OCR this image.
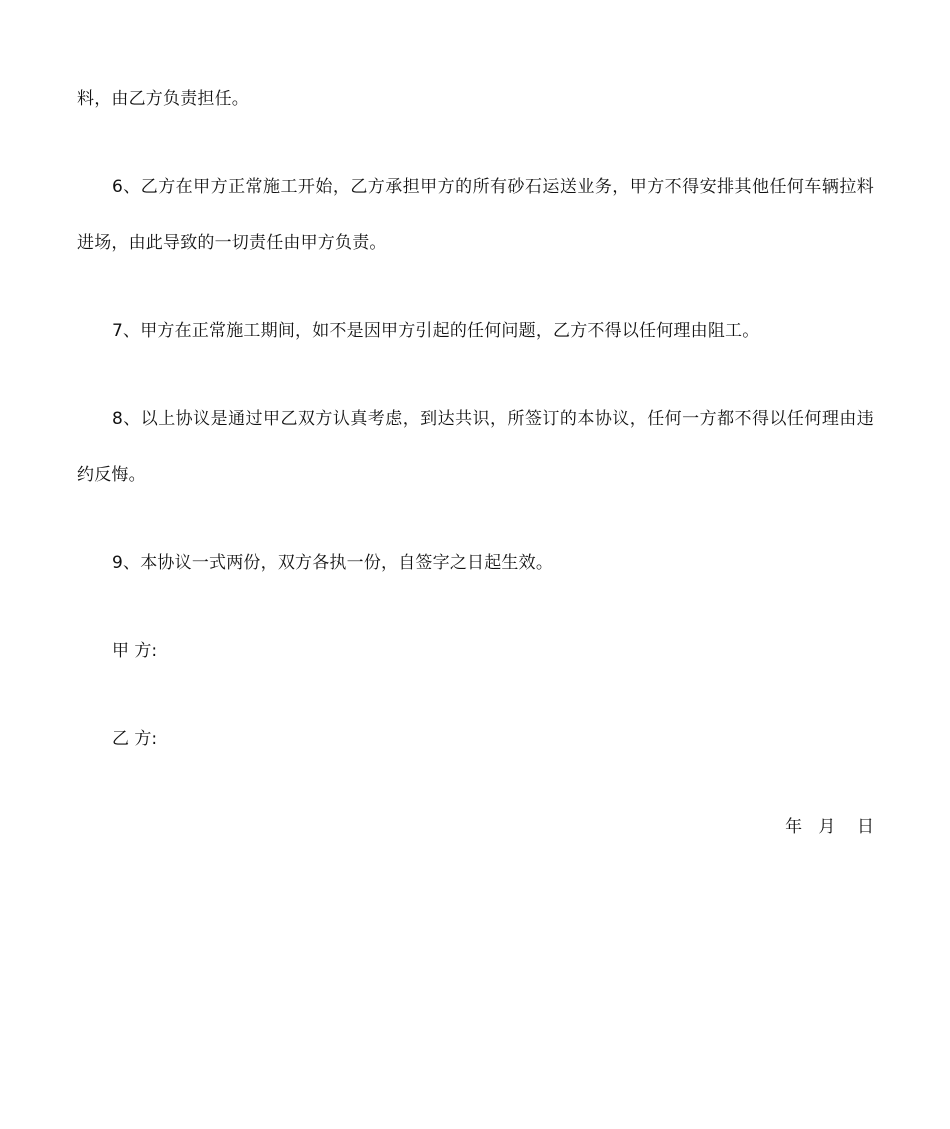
料，由乙方负责担任。

6、乙方在甲方正常施工开始，乙方承担甲方的所有砂石运送业务，甲方不得安排其他任何车辆拉料进场，由此导致的一切责任由甲方负责。

7、甲方在正常施工期间，如不是因甲方引起的任何问题，乙方不得以任何理由阻工。

8、以上协议是通过甲乙双方认真考虑，到达共识，所签订的本协议，任何一方都不得以任何理由违约反悔。

9、本协议一式两份，双方各执一份，自签字之日起生效。

甲 方:
乙 方:
年   月    日
